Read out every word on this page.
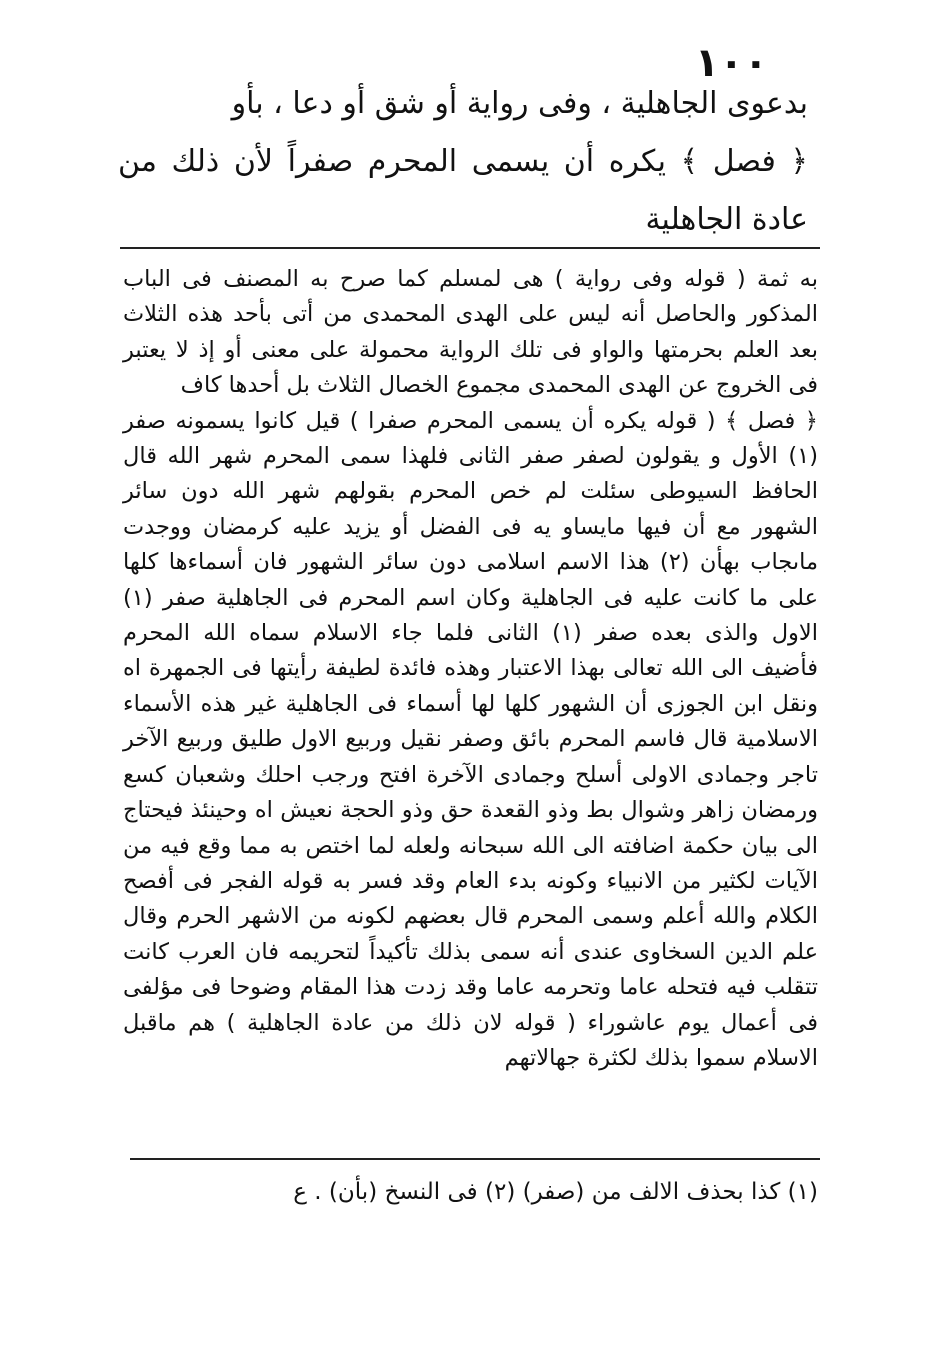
١٠٠

بدعوى الجاهلية ، وفى رواية أو شق أو دعا ، بأو

﴿ فصل ﴾ يكره أن يسمى المحرم صفراً لأن ذلك من عادة الجاهلية

به ثمة ( قوله وفى رواية ) هى لمسلم كما صرح به المصنف فى الباب المذكور والحاصل أنه ليس على الهدى المحمدى من أتى بأحد هذه الثلاث بعد العلم بحرمتها والواو فى تلك الرواية محمولة على معنى أو إذ لا يعتبر فى الخروج عن الهدى المحمدى مجموع الخصال الثلاث بل أحدها كاف

﴿ فصل ﴾ ( قوله يكره أن يسمى المحرم صفرا ) قيل كانوا يسمونه صفر (١) الأول و يقولون لصفر صفر الثانى فلهذا سمى المحرم شهر الله قال الحافظ السيوطى سئلت لم خص المحرم بقولهم شهر الله دون سائر الشهور مع أن فيها مايساو يه فى الفضل أو يزيد عليه كرمضان ووجدت ماىجاب بهأن (٢) هذا الاسم اسلامى دون سائر الشهور فان أسماءها كلها على ما كانت عليه فى الجاهلية وكان اسم المحرم فى الجاهلية صفر (١) الاول والذى بعده صفر (١) الثانى فلما جاء الاسلام سماه الله المحرم فأضيف الى الله تعالى بهذا الاعتبار وهذه فائدة لطيفة رأيتها فى الجمهرة اه ونقل ابن الجوزى أن الشهور كلها لها أسماء فى الجاهلية غير هذه الأسماء الاسلامية قال فاسم المحرم بائق وصفر نقيل وربيع الاول طليق وربيع الآخر تاجر وجمادى الاولى أسلح وجمادى الآخرة افتح ورجب احلك وشعبان كسع ورمضان زاهر وشوال بط وذو القعدة حق وذو الحجة نعيش اه وحينئذ فيحتاج الى بيان حكمة اضافته الى الله سبحانه ولعله لما اختص به مما وقع فيه من الآيات لكثير من الانبياء وكونه بدء العام وقد فسر به قوله الفجر فى أفصح الكلام والله أعلم وسمى المحرم قال بعضهم لكونه من الاشهر الحرم وقال علم الدين السخاوى عندى أنه سمى بذلك تأكيداً لتحريمه فان العرب كانت تتقلب فيه فتحله عاما وتحرمه عاما وقد زدت هذا المقام وضوحا فى مؤلفى فى أعمال يوم عاشوراء ( قوله لان ذلك من عادة الجاهلية ) هم ماقبل الاسلام سموا بذلك لكثرة جهالاتهم

(١) كذا بحذف الالف من (صفر) (٢) فى النسخ (بأن) . ع
